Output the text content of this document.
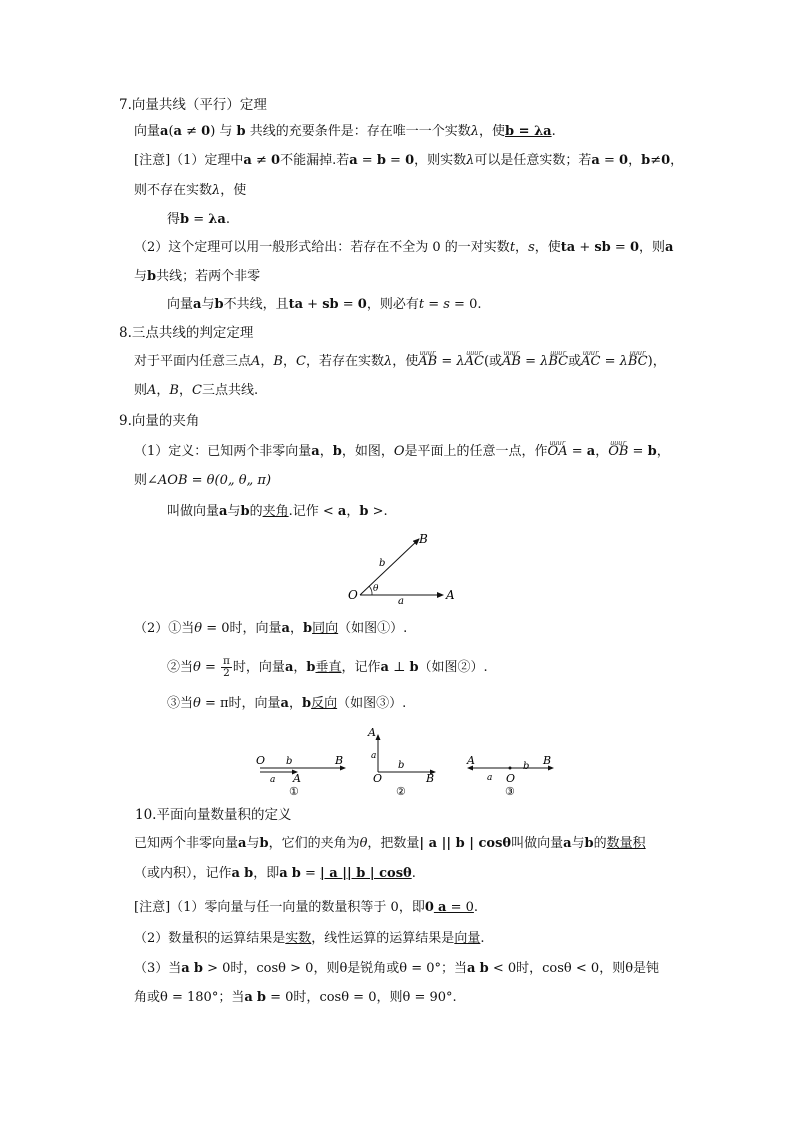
7.向量共线（平行）定理
向量a(a ≠ 0) 与 b 共线的充要条件是：存在唯一一个实数λ，使b = λa.
[注意]（1）定理中a ≠ 0不能漏掉.若a = b = 0，则实数λ可以是任意实数；若a = 0，b≠0，
则不存在实数λ，使
得b = λa.
（2）这个定理可以用一般形式给出：若存在不全为 0 的一对实数t，s，使ta + sb = 0，则a
与b共线；若两个非零
向量a与b不共线，且ta + sb = 0，则必有t = s = 0.
8.三点共线的判定定理
对于平面内任意三点A，B，C，若存在实数λ，使uuur AB = λuuur AC(或uuur AB = λuuur BC或uuur AC = λuuur BC)，
则A，B，C三点共线.
9.向量的夹角
（1）定义：已知两个非零向量a，b，如图，O是平面上的任意一点，作uuur OA = a，uuur OB = b，
则∠AOB = θ(0„ θ„ π)
叫做向量a与b的夹角.记作 < a，b >.
O	A
B
a
b
θ
（2）①当θ = 0时，向量a，b同向（如图①）.
②当$\theta = \frac{\pi}{2}$ 时，向量a，b垂直，记作a ⊥ b（如图②）.
③当θ = π时，向量a，b反向（如图③）.
O b	B
a A
①
A
a
O
b
B
②
A	b B
a O
③
10.平面向量数量积的定义
已知两个非零向量a与b，它们的夹角为θ，把数量| a || b | cosθ叫做向量a与b的数量积
（或内积），记作a b，即a b = | a || b | cosθ.
[注意]（1）零向量与任一向量的数量积等于 0，即0 a = 0.
（2）数量积的运算结果是实数，线性运算的运算结果是向量.
（3）当a b > 0时，cosθ > 0，则θ是锐角或θ = 0°；当a b < 0时，cosθ < 0，则θ是钝
角或θ = 180°；当a b = 0时，cosθ = 0，则θ = 90°.
